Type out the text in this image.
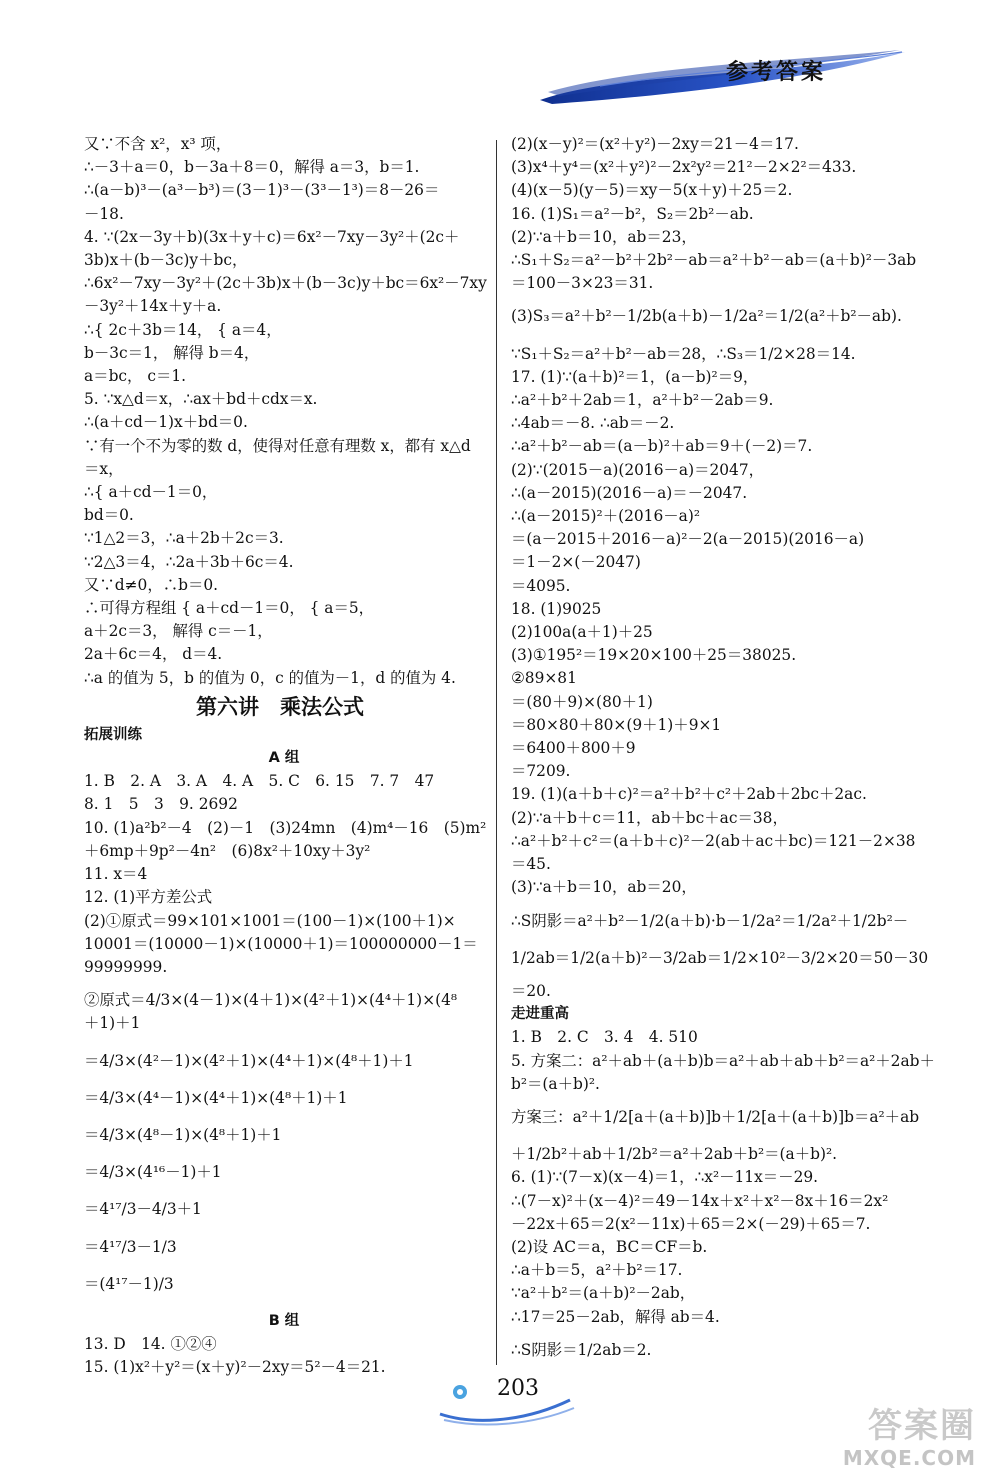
参考答案
又∵不含 x²，x³ 项，
∴－3＋a＝0，b－3a＋8＝0，解得 a＝3，b＝1.
∴(a－b)³－(a³－b³)＝(3－1)³－(3³－1³)＝8－26＝
－18.
4. ∵(2x－3y＋b)(3x＋y＋c)＝6x²－7xy－3y²＋(2c＋
3b)x＋(b－3c)y＋bc，
∴6x²－7xy－3y²＋(2c＋3b)x＋(b－3c)y＋bc＝6x²－7xy
－3y²＋14x＋y＋a.
∴{ 2c＋3b＝14， { a＝4，
b－3c＝1， 解得 b＝4，
a＝bc， c＝1.
5. ∵x△d＝x，∴ax＋bd＋cdx＝x.
∴(a＋cd－1)x＋bd＝0.
∵有一个不为零的数 d，使得对任意有理数 x，都有 x△d
＝x，
∴{ a＋cd－1＝0，
bd＝0.
∵1△2＝3，∴a＋2b＋2c＝3.
∵2△3＝4，∴2a＋3b＋6c＝4.
又∵d≠0，∴b＝0.
∴可得方程组 { a＋cd－1＝0， { a＝5，
a＋2c＝3， 解得 c＝－1，
2a＋6c＝4， d＝4.
∴a 的值为 5，b 的值为 0，c 的值为－1，d 的值为 4.
第六讲　乘法公式
拓展训练
A 组
1. B　2. A　3. A　4. A　5. C　6. 15　7. 7　47
8. 1　5　3　9. 2692
10. (1)a²b²－4　(2)－1　(3)24mn　(4)m⁴－16　(5)m²
＋6mp＋9p²－4n²　(6)8x²＋10xy＋3y²
11. x＝4
12. (1)平方差公式
(2)①原式＝99×101×1001＝(100－1)×(100＋1)×
10001＝(10000－1)×(10000＋1)＝100000000－1＝
99999999.
②原式＝4/3×(4－1)×(4＋1)×(4²＋1)×(4⁴＋1)×(4⁸
＋1)＋1
＝4/3×(4²－1)×(4²＋1)×(4⁴＋1)×(4⁸＋1)＋1
＝4/3×(4⁴－1)×(4⁴＋1)×(4⁸＋1)＋1
＝4/3×(4⁸－1)×(4⁸＋1)＋1
＝4/3×(4¹⁶－1)＋1
＝4¹⁷/3－4/3＋1
＝4¹⁷/3－1/3
＝(4¹⁷－1)/3
B 组
13. D　14. ①②④
15. (1)x²＋y²＝(x＋y)²－2xy＝5²－4＝21.
(2)(x－y)²＝(x²＋y²)－2xy＝21－4＝17.
(3)x⁴＋y⁴＝(x²＋y²)²－2x²y²＝21²－2×2²＝433.
(4)(x－5)(y－5)＝xy－5(x＋y)＋25＝2.
16. (1)S₁＝a²－b²，S₂＝2b²－ab.
(2)∵a＋b＝10，ab＝23，
∴S₁＋S₂＝a²－b²＋2b²－ab＝a²＋b²－ab＝(a＋b)²－3ab
＝100－3×23＝31.
(3)S₃＝a²＋b²－1/2b(a＋b)－1/2a²＝1/2(a²＋b²－ab).
∵S₁＋S₂＝a²＋b²－ab＝28，∴S₃＝1/2×28＝14.
17. (1)∵(a＋b)²＝1，(a－b)²＝9，
∴a²＋b²＋2ab＝1，a²＋b²－2ab＝9.
∴4ab＝－8. ∴ab＝－2.
∴a²＋b²－ab＝(a－b)²＋ab＝9＋(－2)＝7.
(2)∵(2015－a)(2016－a)＝2047，
∴(a－2015)(2016－a)＝－2047.
∴(a－2015)²＋(2016－a)²
＝(a－2015＋2016－a)²－2(a－2015)(2016－a)
＝1－2×(－2047)
＝4095.
18. (1)9025
(2)100a(a＋1)＋25
(3)①195²＝19×20×100＋25＝38025.
②89×81
＝(80＋9)×(80＋1)
＝80×80＋80×(9＋1)＋9×1
＝6400＋800＋9
＝7209.
19. (1)(a＋b＋c)²＝a²＋b²＋c²＋2ab＋2bc＋2ac.
(2)∵a＋b＋c＝11，ab＋bc＋ac＝38，
∴a²＋b²＋c²＝(a＋b＋c)²－2(ab＋ac＋bc)＝121－2×38
＝45.
(3)∵a＋b＝10，ab＝20，
∴S阴影＝a²＋b²－1/2(a＋b)·b－1/2a²＝1/2a²＋1/2b²－
1/2ab＝1/2(a＋b)²－3/2ab＝1/2×10²－3/2×20＝50－30
＝20.
走进重高
1. B　2. C　3. 4　4. 510
5. 方案二：a²＋ab＋(a＋b)b＝a²＋ab＋ab＋b²＝a²＋2ab＋
b²＝(a＋b)².
方案三：a²＋1/2[a＋(a＋b)]b＋1/2[a＋(a＋b)]b＝a²＋ab
＋1/2b²＋ab＋1/2b²＝a²＋2ab＋b²＝(a＋b)².
6. (1)∵(7－x)(x－4)＝1，∴x²－11x＝－29.
∴(7－x)²＋(x－4)²＝49－14x＋x²＋x²－8x＋16＝2x²
－22x＋65＝2(x²－11x)＋65＝2×(－29)＋65＝7.
(2)设 AC＝a，BC＝CF＝b.
∴a＋b＝5，a²＋b²＝17.
∵a²＋b²＝(a＋b)²－2ab，
∴17＝25－2ab，解得 ab＝4.
∴S阴影＝1/2ab＝2.
203
答案圈
MXQE.COM
